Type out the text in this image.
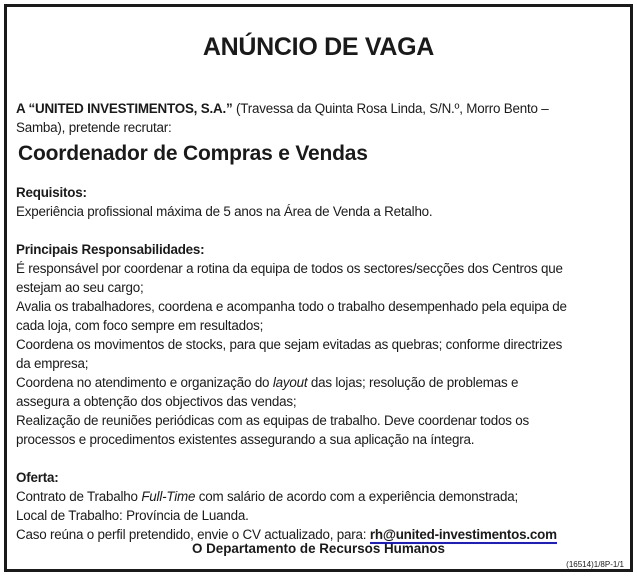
ANÚNCIO DE VAGA
A “UNITED INVESTIMENTOS, S.A.” (Travessa da Quinta Rosa Linda, S/N.º, Morro Bento –
Samba), pretende recrutar:
Coordenador de Compras e Vendas
Requisitos:
Experiência profissional máxima de 5 anos na Área de Venda a Retalho.
Principais Responsabilidades:
É responsável por coordenar a rotina da equipa de todos os sectores/secções dos Centros que
estejam ao seu cargo;
Avalia os trabalhadores, coordena e acompanha todo o trabalho desempenhado pela equipa de
cada loja, com foco sempre em resultados;
Coordena os movimentos de stocks, para que sejam evitadas as quebras; conforme directrizes
da empresa;
Coordena no atendimento e organização do layout das lojas; resolução de problemas e
assegura a obtenção dos objectivos das vendas;
Realização de reuniões periódicas com as equipas de trabalho. Deve coordenar todos os
processos e procedimentos existentes assegurando a sua aplicação na íntegra.
Oferta:
Contrato de Trabalho Full-Time com salário de acordo com a experiência demonstrada;
Local de Trabalho: Província de Luanda.
Caso reúna o perfil pretendido, envie o CV actualizado, para: rh@united-investimentos.com
O Departamento de Recursos Humanos
(16514)1/8P-1/1
